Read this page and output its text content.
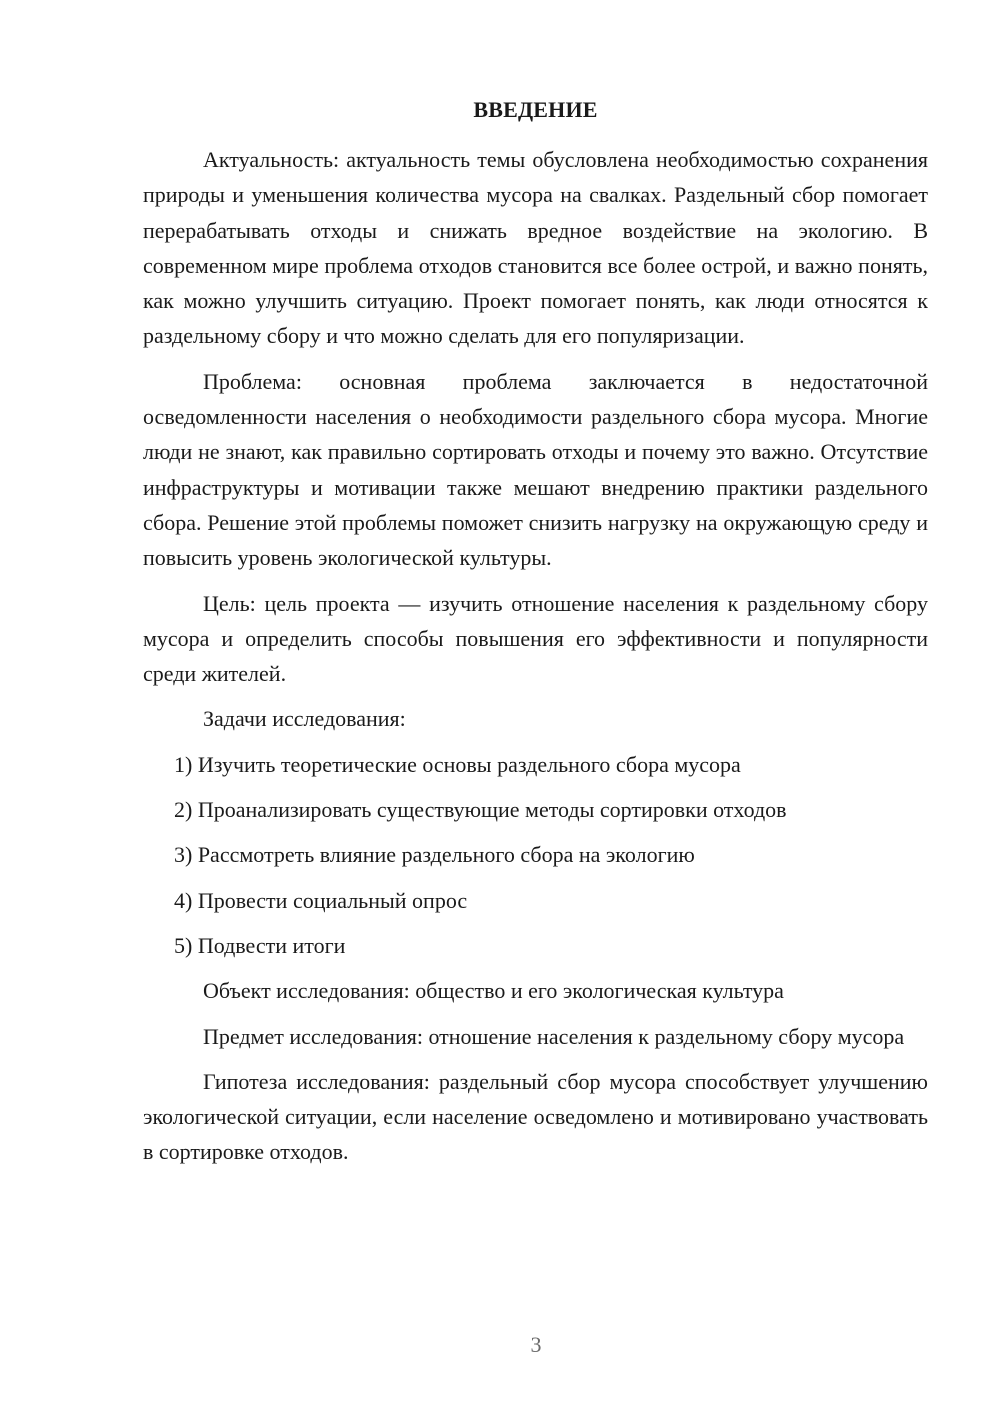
ВВЕДЕНИЕ

Актуальность: актуальность темы обусловлена необходимостью сохранения природы и уменьшения количества мусора на свалках. Раздельный сбор помогает перерабатывать отходы и снижать вредное воздействие на экологию. В современном мире проблема отходов становится все более острой, и важно понять, как можно улучшить ситуацию. Проект помогает понять, как люди относятся к раздельному сбору и что можно сделать для его популяризации.

Проблема: основная проблема заключается в недостаточной осведомленности населения о необходимости раздельного сбора мусора. Многие люди не знают, как правильно сортировать отходы и почему это важно. Отсутствие инфраструктуры и мотивации также мешают внедрению практики раздельного сбора. Решение этой проблемы поможет снизить нагрузку на окружающую среду и повысить уровень экологической культуры.

Цель: цель проекта — изучить отношение населения к раздельному сбору мусора и определить способы повышения его эффективности и популярности среди жителей.

Задачи исследования:

1) Изучить теоретические основы раздельного сбора мусора

2) Проанализировать существующие методы сортировки отходов

3) Рассмотреть влияние раздельного сбора на экологию

4) Провести социальный опрос

5) Подвести итоги

Объект исследования: общество и его экологическая культура

Предмет исследования: отношение населения к раздельному сбору мусора

Гипотеза исследования: раздельный сбор мусора способствует улучшению экологической ситуации, если население осведомлено и мотивировано участвовать в сортировке отходов.

3
